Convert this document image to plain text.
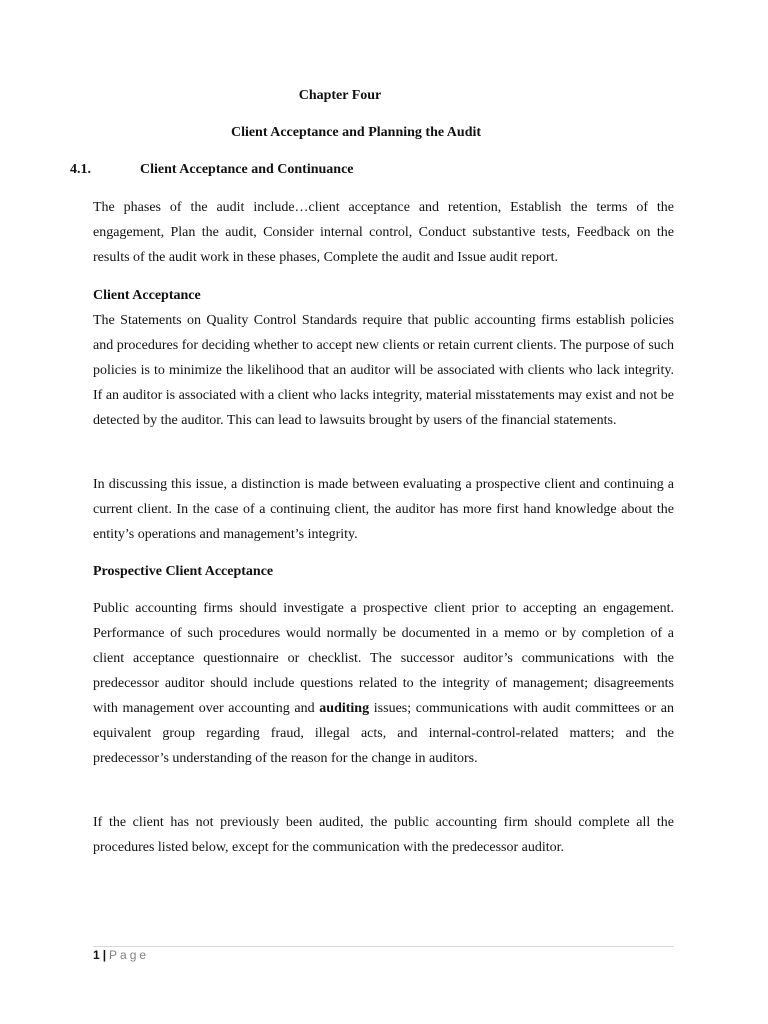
Chapter Four
Client Acceptance and Planning the Audit
4.1.	Client Acceptance and Continuance

The phases of the audit include…client acceptance and retention, Establish the terms of the engagement, Plan the audit, Consider internal control, Conduct substantive tests, Feedback on the results of the audit work in these phases, Complete the audit and Issue audit report.

Client Acceptance

The Statements on Quality Control Standards require that public accounting firms establish policies and procedures for deciding whether to accept new clients or retain current clients. The purpose of such policies is to minimize the likelihood that an auditor will be associated with clients who lack integrity. If an auditor is associated with a client who lacks integrity, material misstatements may exist and not be detected by the auditor. This can lead to lawsuits brought by users of the financial statements.

In discussing this issue, a distinction is made between evaluating a prospective client and continuing a current client. In the case of a continuing client, the auditor has more first hand knowledge about the entity’s operations and management’s integrity.

Prospective Client Acceptance

Public accounting firms should investigate a prospective client prior to accepting an engagement. Performance of such procedures would normally be documented in a memo or by completion of a client acceptance questionnaire or checklist. The successor auditor’s communications with the predecessor auditor should include questions related to the integrity of management; disagreements with management over accounting and auditing issues; communications with audit committees or an equivalent group regarding fraud, illegal acts, and internal-control-related matters; and the predecessor’s understanding of the reason for the change in auditors.

If the client has not previously been audited, the public accounting firm should complete all the procedures listed below, except for the communication with the predecessor auditor.

1 | Page
